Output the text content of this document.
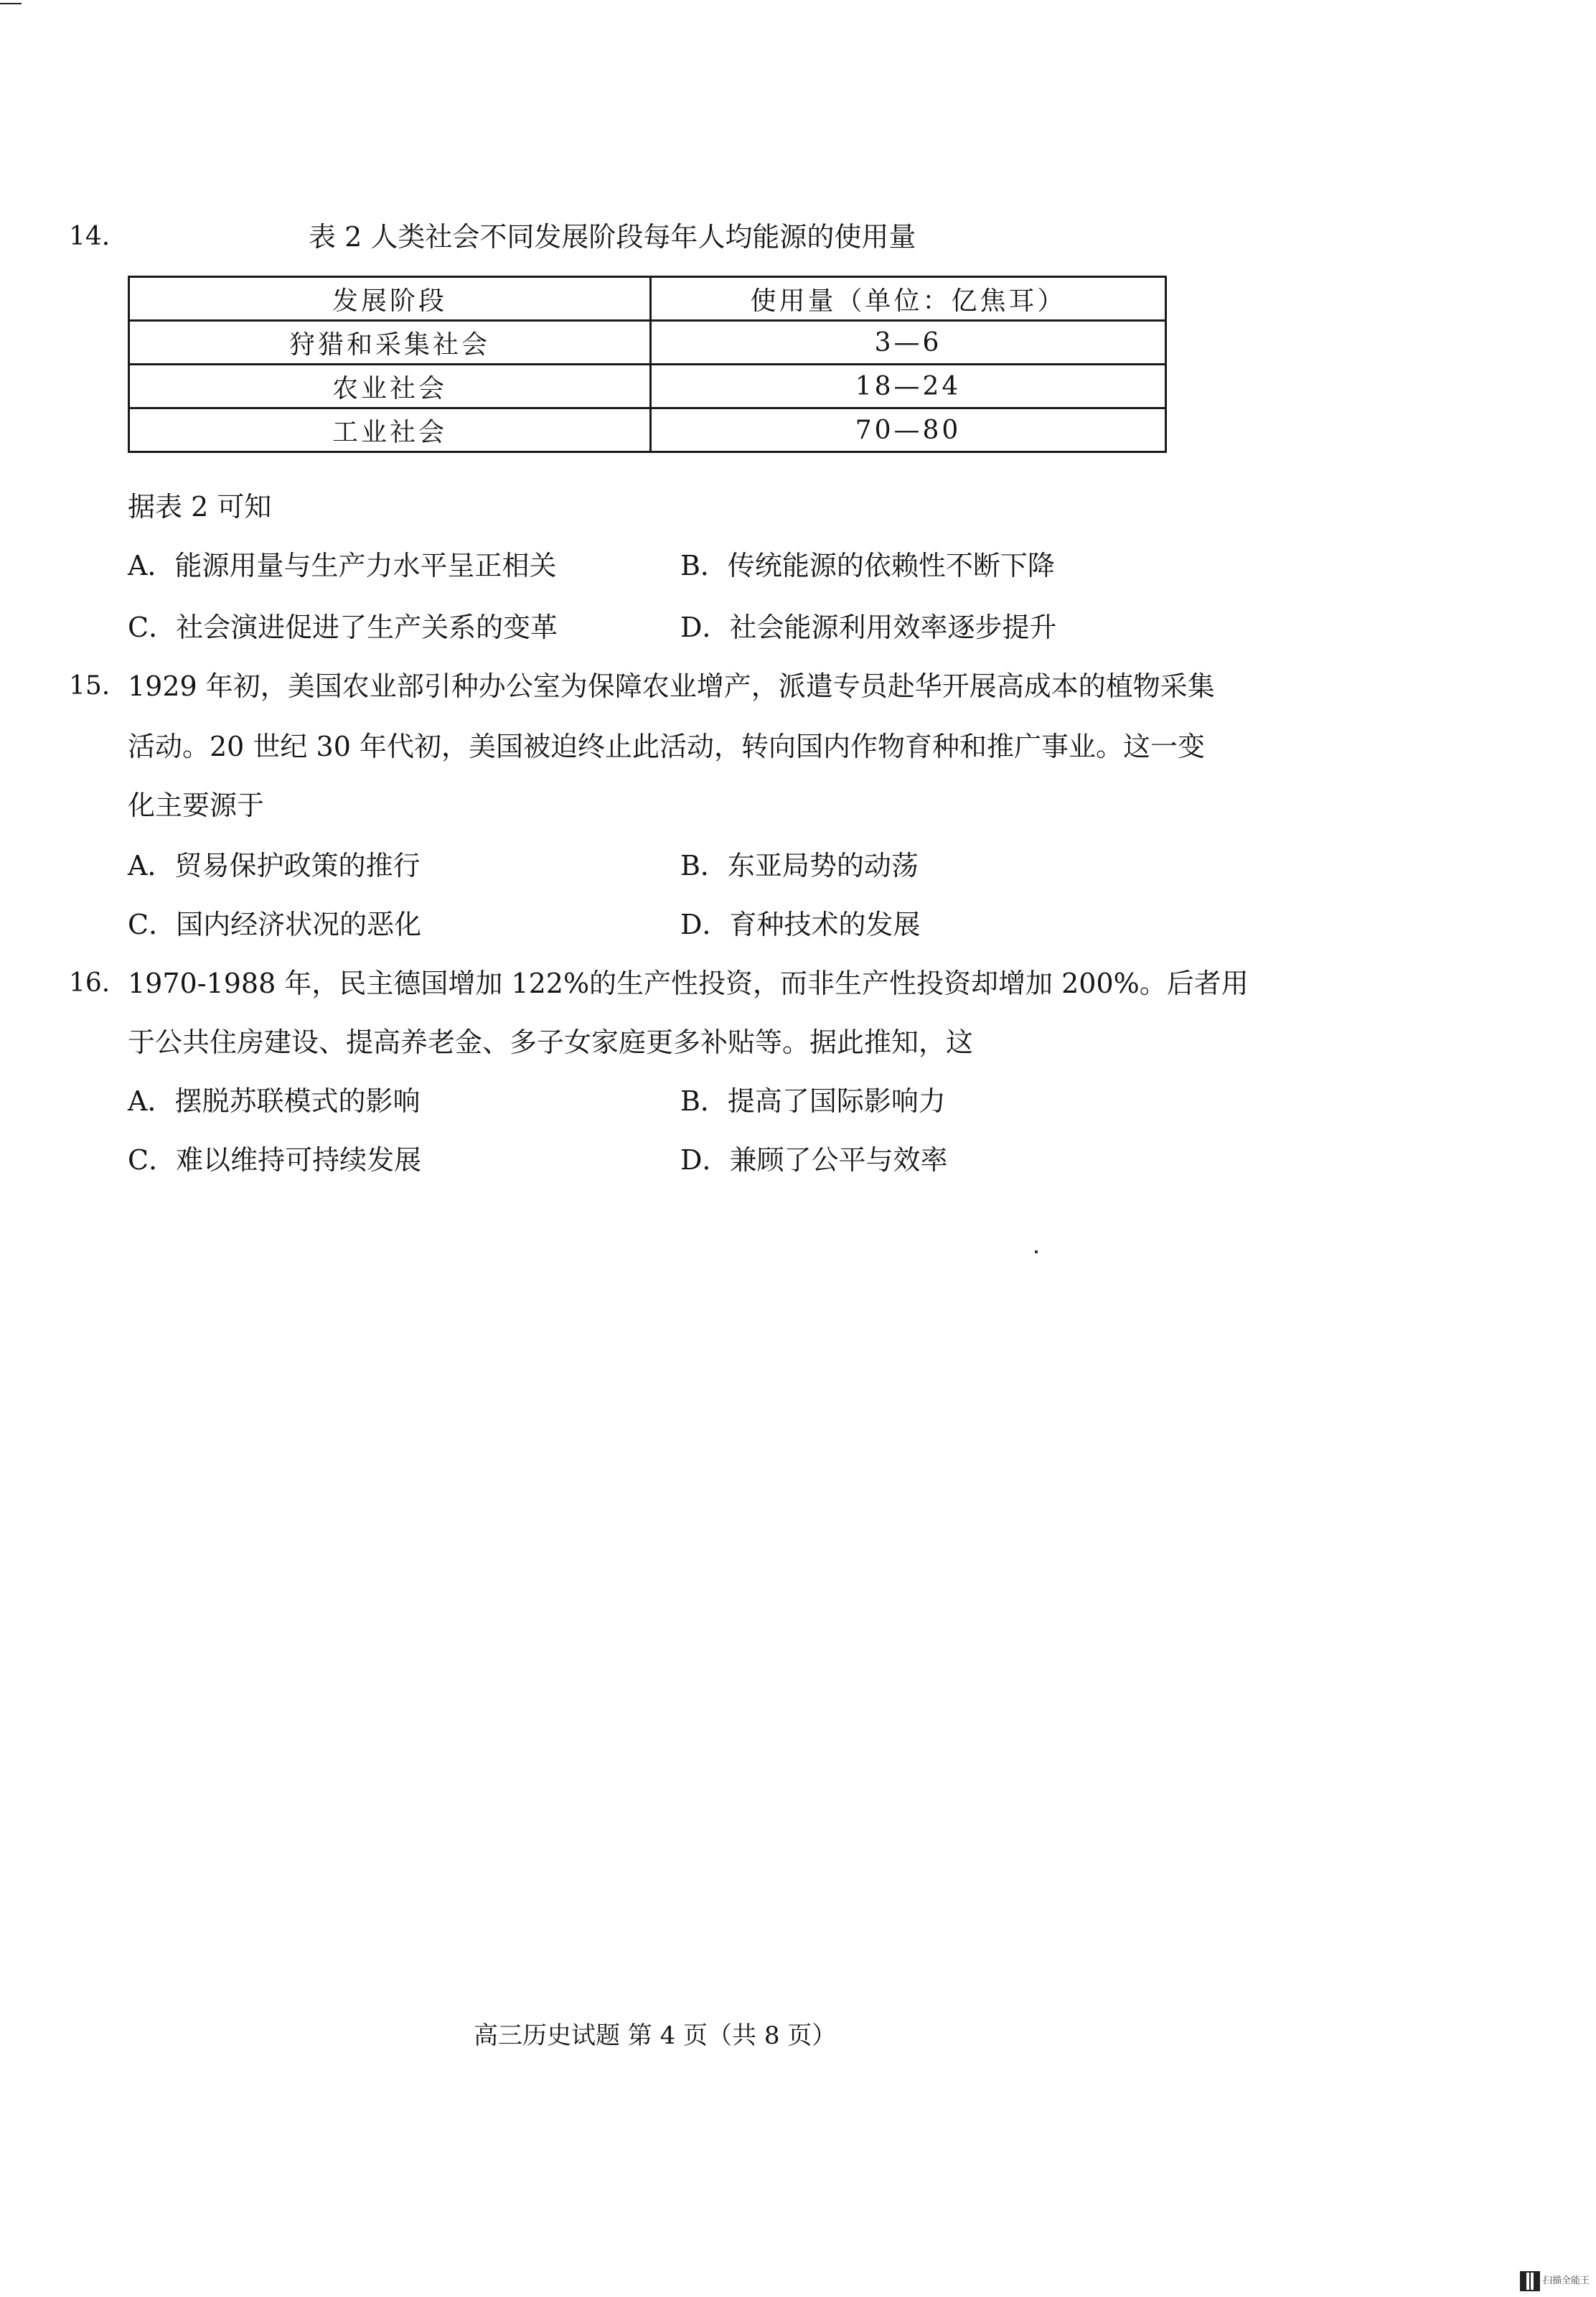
14.	表 2 人类社会不同发展阶段每年人均能源的使用量
发展阶段	使用量（单位：亿焦耳）
狩猎和采集社会	3—6
农业社会	18—24
工业社会	70—80
据表 2 可知
A．能源用量与生产力水平呈正相关	B．传统能源的依赖性不断下降
C．社会演进促进了生产关系的变革	D．社会能源利用效率逐步提升
15. 1929 年初，美国农业部引种办公室为保障农业增产，派遣专员赴华开展高成本的植物采集
活动。20 世纪 30 年代初，美国被迫终止此活动，转向国内作物育种和推广事业。这一变
化主要源于
A．贸易保护政策的推行	B．东亚局势的动荡
C．国内经济状况的恶化	D．育种技术的发展
16. 1970-1988 年，民主德国增加 122%的生产性投资，而非生产性投资却增加 200%。后者用
于公共住房建设、提高养老金、多子女家庭更多补贴等。据此推知，这
A．摆脱苏联模式的影响	B．提高了国际影响力
C．难以维持可持续发展	D．兼顾了公平与效率
高三历史试题 第 4 页（共 8 页）
扫描全能王
